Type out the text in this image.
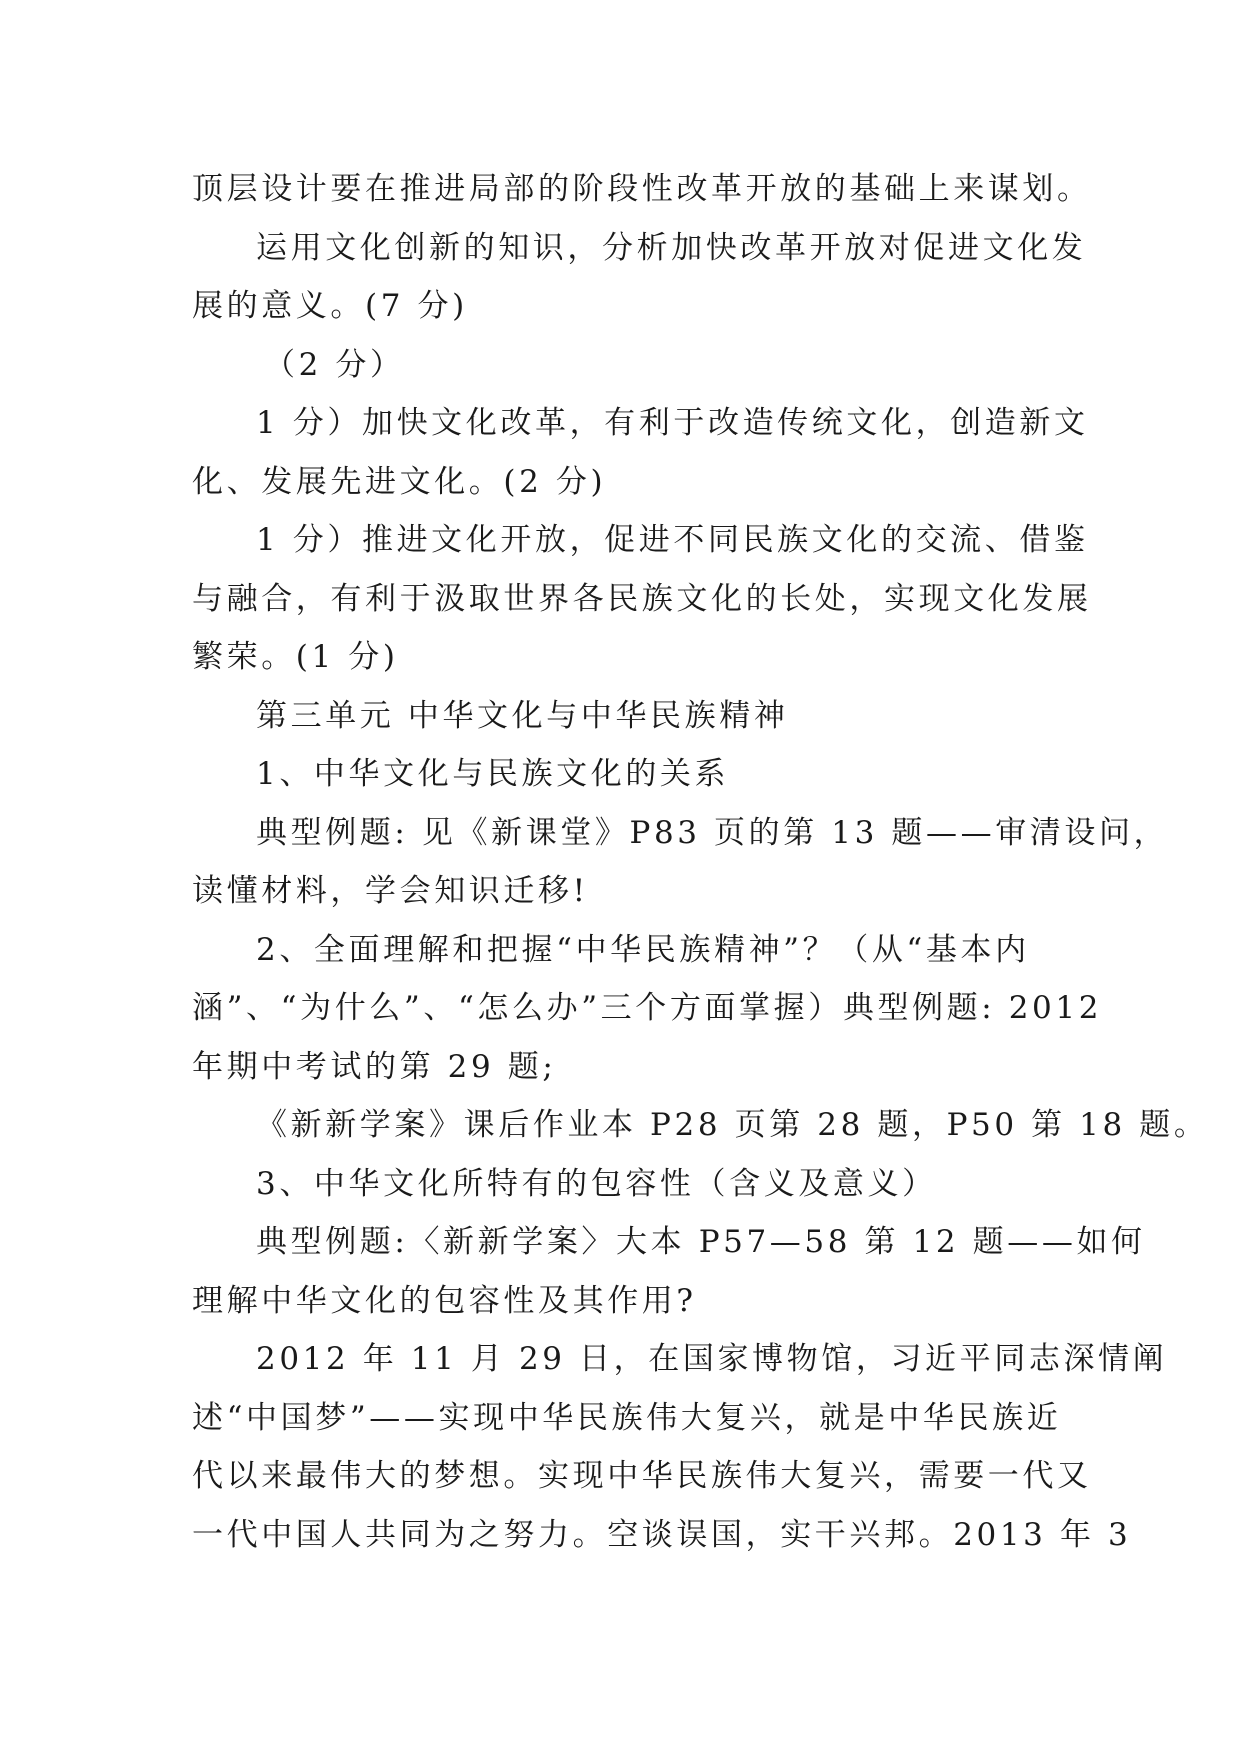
顶层设计要在推进局部的阶段性改革开放的基础上来谋划。
运用文化创新的知识，分析加快改革开放对促进文化发
展的意义。(7 分)
（2 分）
1 分）加快文化改革，有利于改造传统文化，创造新文
化、发展先进文化。(2 分)
1 分）推进文化开放，促进不同民族文化的交流、借鉴
与融合，有利于汲取世界各民族文化的长处，实现文化发展
繁荣。(1 分)
第三单元 中华文化与中华民族精神
1、中华文化与民族文化的关系
典型例题: 见《新课堂》P83 页的第 13 题——审清设问，
读懂材料，学会知识迁移!
2、全面理解和把握“中华民族精神”？（从“基本内
涵”、“为什么”、“怎么办”三个方面掌握）典型例题: 2012
年期中考试的第 29 题;
《新新学案》课后作业本 P28 页第 28 题，P50 第 18 题。
3、中华文化所特有的包容性（含义及意义）
典型例题:〈新新学案〉大本 P57—58 第 12 题——如何
理解中华文化的包容性及其作用?
2012 年 11 月 29 日，在国家博物馆，习近平同志深情阐
述“中国梦”——实现中华民族伟大复兴，就是中华民族近
代以来最伟大的梦想。实现中华民族伟大复兴，需要一代又
一代中国人共同为之努力。空谈误国，实干兴邦。2013 年 3
